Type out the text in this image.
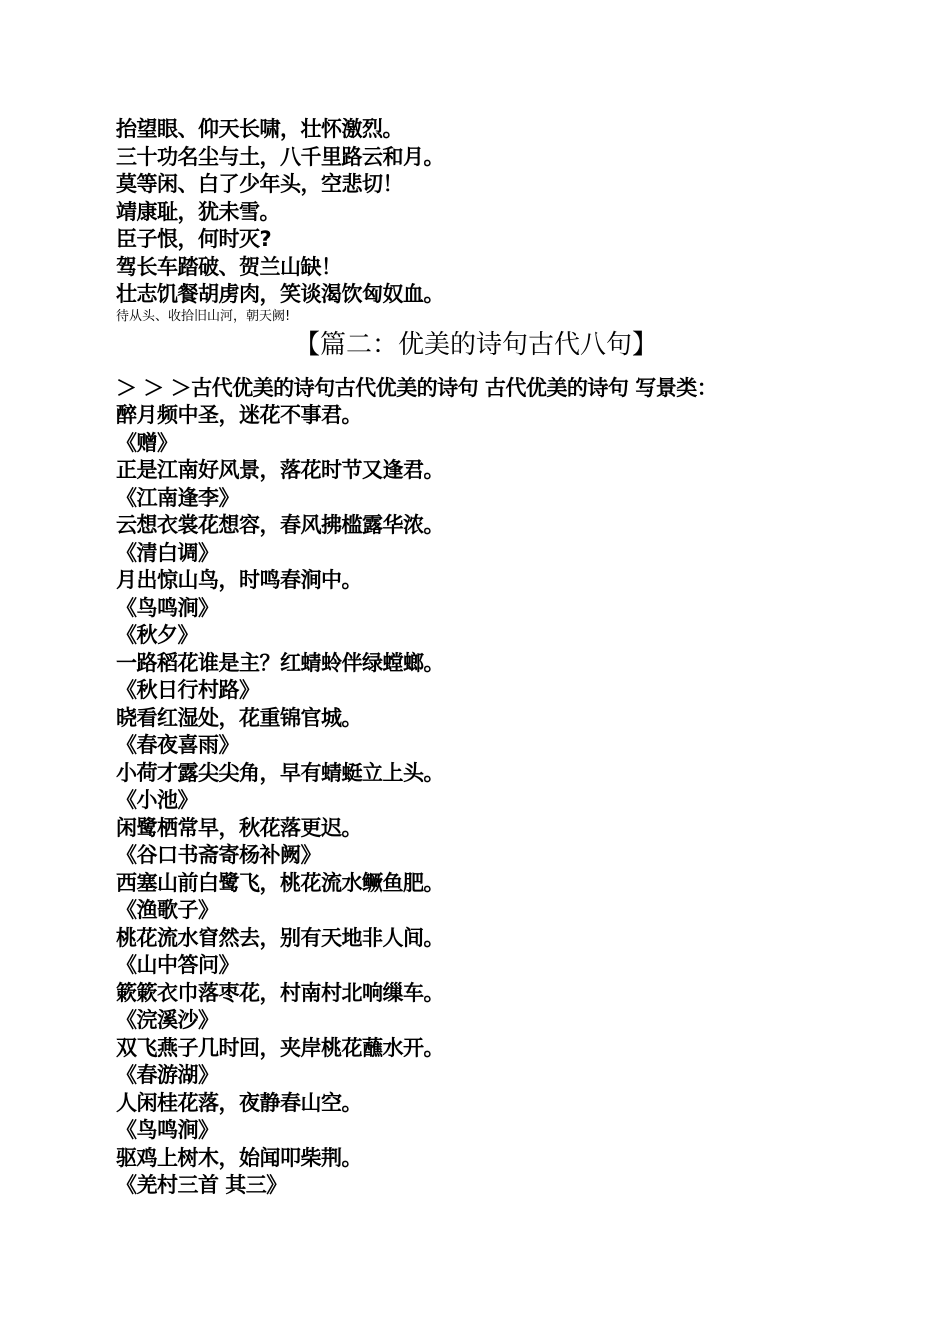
抬望眼、仰天长啸，壮怀激烈。
三十功名尘与土，八千里路云和月。
莫等闲、白了少年头，空悲切！
靖康耻，犹未雪。
臣子恨，何时灭?
驾长车踏破、贺兰山缺！
壮志饥餐胡虏肉，笑谈渴饮匈奴血。
待从头、收拾旧山河，朝天阙!
【篇二：优美的诗句古代八句】
＞ ＞ ＞古代优美的诗句古代优美的诗句 古代优美的诗句 写景类：
醉月频中圣，迷花不事君。
《赠》
正是江南好风景，落花时节又逢君。
《江南逢李》
云想衣裳花想容，春风拂槛露华浓。
《清白调》
月出惊山鸟，时鸣春涧中。
《鸟鸣涧》
《秋夕》
一路稻花谁是主？红蜻蛉伴绿螳螂。
《秋日行村路》
晓看红湿处，花重锦官城。
《春夜喜雨》
小荷才露尖尖角，早有蜻蜓立上头。
《小池》
闲鹭栖常早，秋花落更迟。
《谷口书斋寄杨补阙》
西塞山前白鹭飞，桃花流水鳜鱼肥。
《渔歌子》
桃花流水窅然去，别有天地非人间。
《山中答问》
簌簌衣巾落枣花，村南村北响缫车。
《浣溪沙》
双飞燕子几时回，夹岸桃花蘸水开。
《春游湖》
人闲桂花落，夜静春山空。
《鸟鸣涧》
驱鸡上树木，始闻叩柴荆。
《羌村三首 其三》
